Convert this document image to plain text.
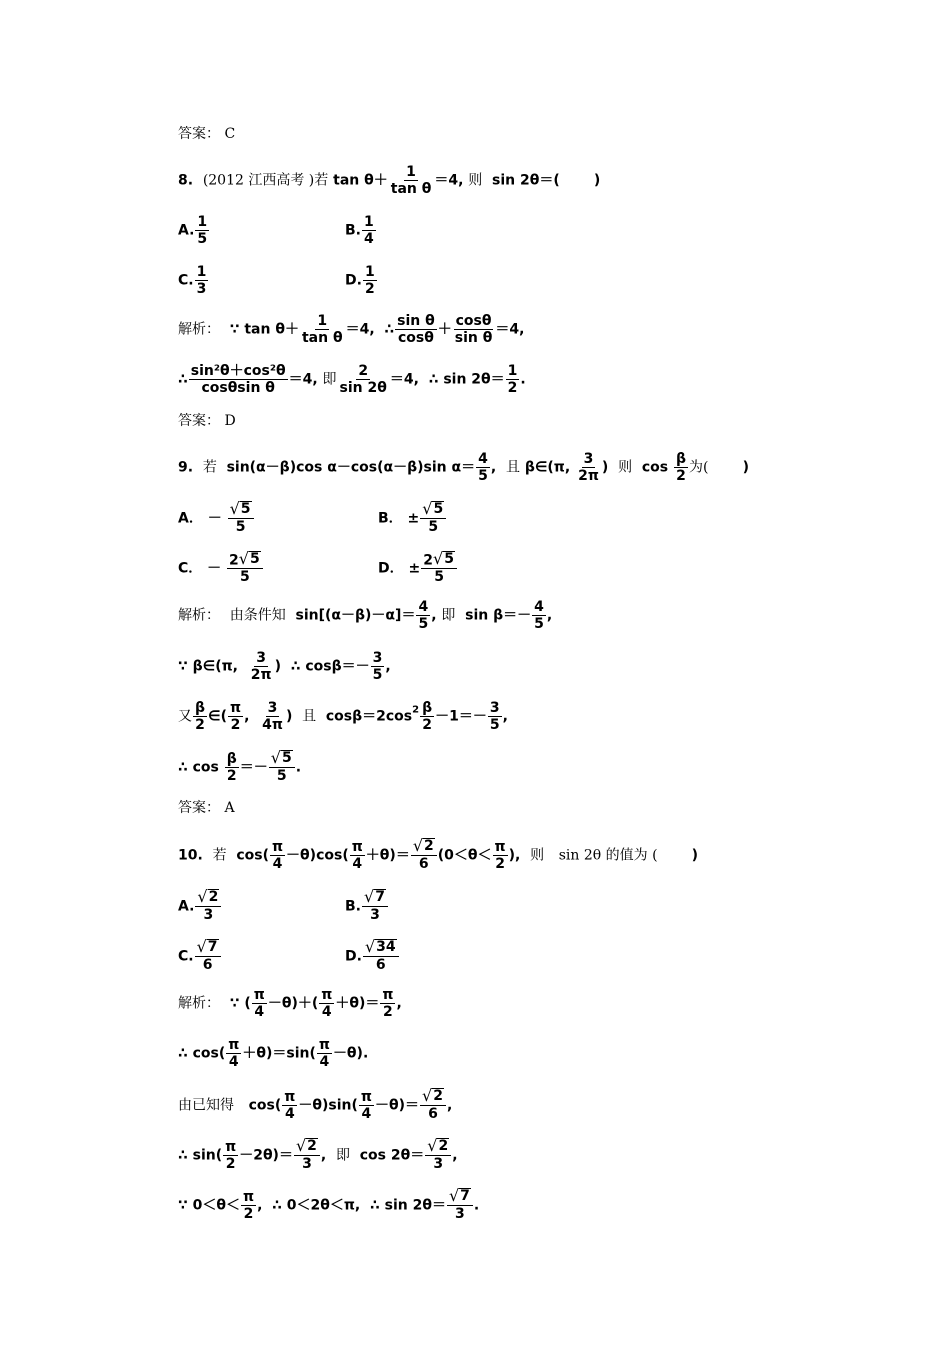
答案： C
8. (2012 江西高考 )若 $\tan \theta+ \frac{1}{\text{tan θ}} =4$, 则 sin 2θ＝( )
A. $\frac{1}{5}$	B. $\frac{1}{4}$
C. $\frac{1}{3}$	D. $\frac{1}{2}$
解析： ∵ $\tan \theta+ \frac{1}{\text{tan θ}} =4$, ∴ $\frac{\text{sin θ}}{\cos\theta} + \frac{\cos\theta}{\text{sin θ}} =4$,
∴ $\frac{\text{sin²θ＋cos²θ}}{\text{cosθsin θ}} =4$, 即 $\frac{2}{\sin 2\theta} =4$, ∴ $\sin 2\theta= \frac{1}{2}$ .
答案： D
9. 若 sin(α－β)cos α－cos(α－β)sin $\alpha= \frac{4}{5}$ , 且 β∈(π, $\frac{3}{2\pi}$ ) 则 $\cos \frac{\beta}{2}$ 为( )
A． － $\frac{√ 5}{5}$	B． ± $\frac{√ 5}{5}$
C． － $\frac{2 √ 5}{5}$	D． ± $\frac{2 √ 5}{5}$
解析： 由条件知 $\sin[(\alpha-\beta)-\alpha]= \frac{4}{5}$ , 即 $\sin \beta=- \frac{4}{5}$ ,
∵ β∈(π, $\frac{3}{2\pi}$ ) ∴ $\cos\beta=- \frac{3}{5}$ ,
又 $\frac{\beta}{2}$ ∈( $\frac{\pi}{2}$ , $\frac{3}{4\pi}$ ) 且 $\cos\beta=2\cos^2 \frac{\beta}{2} -1=- \frac{3}{5}$ ,
∴ $\cos \frac{\beta}{2} =- \frac{√ 5}{5}$ .
答案： A
10. 若 $\cos( \frac{\pi}{4} -\theta)\cos( \frac{\pi}{4} +\theta)= \frac{√ 2}{6} (0<\theta< \frac{\pi}{2}$ ), 则 sin 2θ 的值为 ( )
A. $\frac{√ 2}{3}$	B. $\frac{√ 7}{3}$
C. $\frac{√ 7}{6}$	D. $\frac{√ 34}{6}$
解析： ∵ ( $\frac{\pi}{4} -\theta)+( \frac{\pi}{4} +\theta)= \frac{\pi}{2}$ ,
∴ $\cos( \frac{\pi}{4} +\theta)=\sin( \frac{\pi}{4} -\theta)$.
由已知得 $\cos( \frac{\pi}{4} -\theta)\sin( \frac{\pi}{4} -\theta)= \frac{√ 2}{6}$ ,
∴ $\sin( \frac{\pi}{2} -2\theta)= \frac{√ 2}{3}$ , 即 $\cos 2\theta= \frac{√ 2}{3}$ ,
∵ $0<\theta< \frac{\pi}{2}$ , ∴ 0＜2θ＜π, ∴ $\sin 2\theta= \frac{√ 7}{3}$ .
